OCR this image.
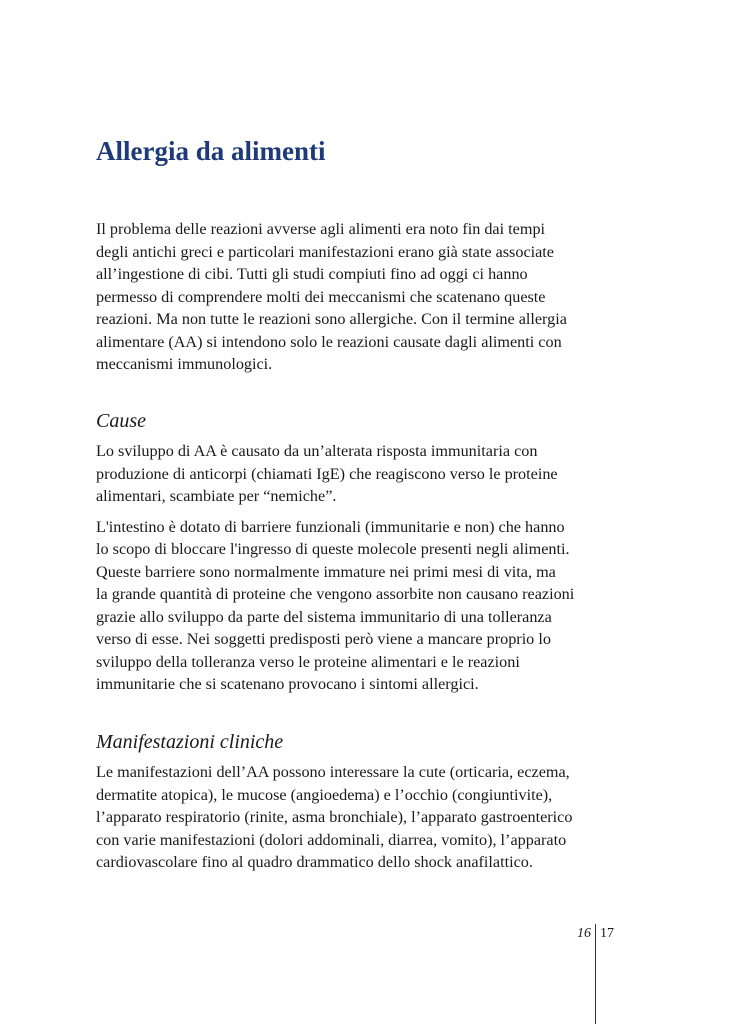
Allergia da alimenti

Il problema delle reazioni avverse agli alimenti era noto fin dai tempi
degli antichi greci e particolari manifestazioni erano già state associate
all’ingestione di cibi. Tutti gli studi compiuti fino ad oggi ci hanno
permesso di comprendere molti dei meccanismi che scatenano queste
reazioni. Ma non tutte le reazioni sono allergiche. Con il termine allergia
alimentare (AA) si intendono solo le reazioni causate dagli alimenti con
meccanismi immunologici.

Cause

Lo sviluppo di AA è causato da un’alterata risposta immunitaria con
produzione di anticorpi (chiamati IgE) che reagiscono verso le proteine
alimentari, scambiate per “nemiche”.

L'intestino è dotato di barriere funzionali (immunitarie e non) che hanno
lo scopo di bloccare l'ingresso di queste molecole presenti negli alimenti.
Queste barriere sono normalmente immature nei primi mesi di vita, ma
la grande quantità di proteine che vengono assorbite non causano reazioni
grazie allo sviluppo da parte del sistema immunitario di una tolleranza
verso di esse. Nei soggetti predisposti però viene a mancare proprio lo
sviluppo della tolleranza verso le proteine alimentari e le reazioni
immunitarie che si scatenano provocano i sintomi allergici.

Manifestazioni cliniche

Le manifestazioni dell’AA possono interessare la cute (orticaria, eczema,
dermatite atopica), le mucose (angioedema) e l’occhio (congiuntivite),
l’apparato respiratorio (rinite, asma bronchiale), l’apparato gastroenterico
con varie manifestazioni (dolori addominali, diarrea, vomito), l’apparato
cardiovascolare fino al quadro drammatico dello shock anafilattico.

16 17
